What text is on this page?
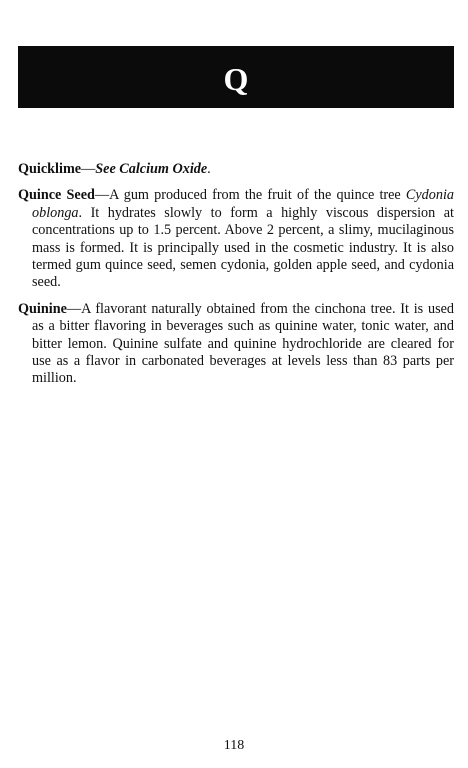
Q

Quicklime—See Calcium Oxide.

Quince Seed—A gum produced from the fruit of the quince tree Cydonia oblonga. It hydrates slowly to form a highly viscous dispersion at concentrations up to 1.5 percent. Above 2 percent, a slimy, mucilaginous mass is formed. It is principally used in the cosmetic industry. It is also termed gum quince seed, semen cydonia, golden apple seed, and cydonia seed.

Quinine—A flavorant naturally obtained from the cinchona tree. It is used as a bitter flavoring in beverages such as quinine water, tonic water, and bitter lemon. Quinine sulfate and quinine hydrochloride are cleared for use as a flavor in carbonated beverages at levels less than 83 parts per million.

118
